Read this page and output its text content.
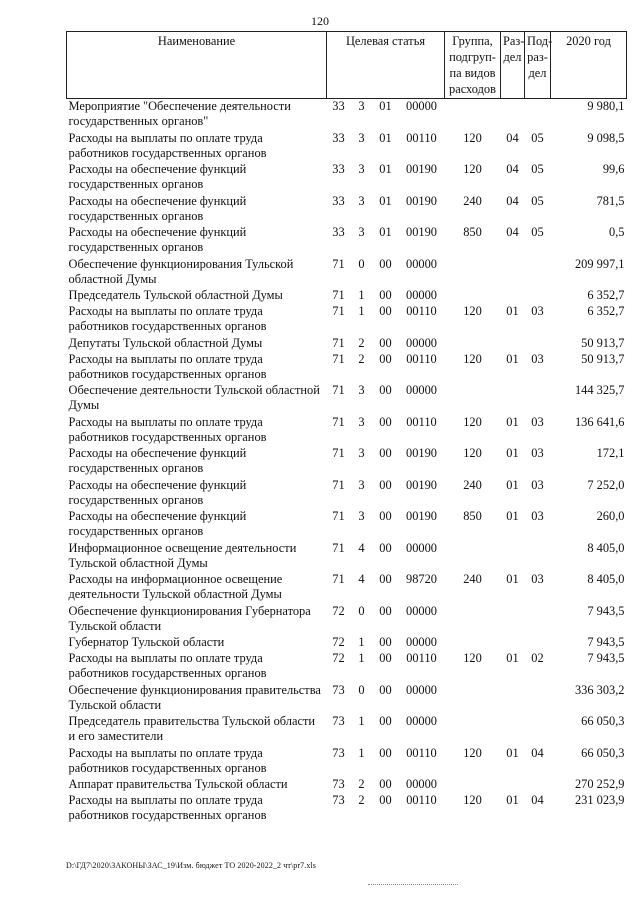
120
Наименование	Целевая статья				Группа, подгруп-па видов расходов	Раз-дел	Под-раз-дел	2020 год
Мероприятие "Обеспечение деятельности государственных органов"	33	3	01	00000				9 980,1
Расходы на выплаты по оплате труда работников государственных органов	33	3	01	00110	120	04	05	9 098,5
Расходы на обеспечение функций государственных органов	33	3	01	00190	120	04	05	99,6
Расходы на обеспечение функций государственных органов	33	3	01	00190	240	04	05	781,5
Расходы на обеспечение функций государственных органов	33	3	01	00190	850	04	05	0,5
Обеспечение функционирования Тульской областной Думы	71	0	00	00000				209 997,1
Председатель Тульской областной Думы	71	1	00	00000				6 352,7
Расходы на выплаты по оплате труда работников государственных органов	71	1	00	00110	120	01	03	6 352,7
Депутаты Тульской областной Думы	71	2	00	00000				50 913,7
Расходы на выплаты по оплате труда работников государственных органов	71	2	00	00110	120	01	03	50 913,7
Обеспечение деятельности Тульской областной Думы	71	3	00	00000				144 325,7
Расходы на выплаты по оплате труда работников государственных органов	71	3	00	00110	120	01	03	136 641,6
Расходы на обеспечение функций государственных органов	71	3	00	00190	120	01	03	172,1
Расходы на обеспечение функций государственных органов	71	3	00	00190	240	01	03	7 252,0
Расходы на обеспечение функций государственных органов	71	3	00	00190	850	01	03	260,0
Информационное освещение деятельности Тульской областной Думы	71	4	00	00000				8 405,0
Расходы на информационное освещение деятельности Тульской областной Думы	71	4	00	98720	240	01	03	8 405,0
Обеспечение функционирования Губернатора Тульской области	72	0	00	00000				7 943,5
Губернатор Тульской области	72	1	00	00000				7 943,5
Расходы на выплаты по оплате труда работников государственных органов	72	1	00	00110	120	01	02	7 943,5
Обеспечение функционирования правительства Тульской области	73	0	00	00000				336 303,2
Председатель правительства Тульской области и его заместители	73	1	00	00000				66 050,3
Расходы на выплаты по оплате труда работников государственных органов	73	1	00	00110	120	01	04	66 050,3
Аппарат правительства Тульской области	73	2	00	00000				270 252,9
Расходы на выплаты по оплате труда работников государственных органов	73	2	00	00110	120	01	04	231 023,9
D:\ГД7\2020\ЗАКОНЫ\ЗАС_19\Изм. бюджет ТО 2020-2022_2 чт\pr7.xls
